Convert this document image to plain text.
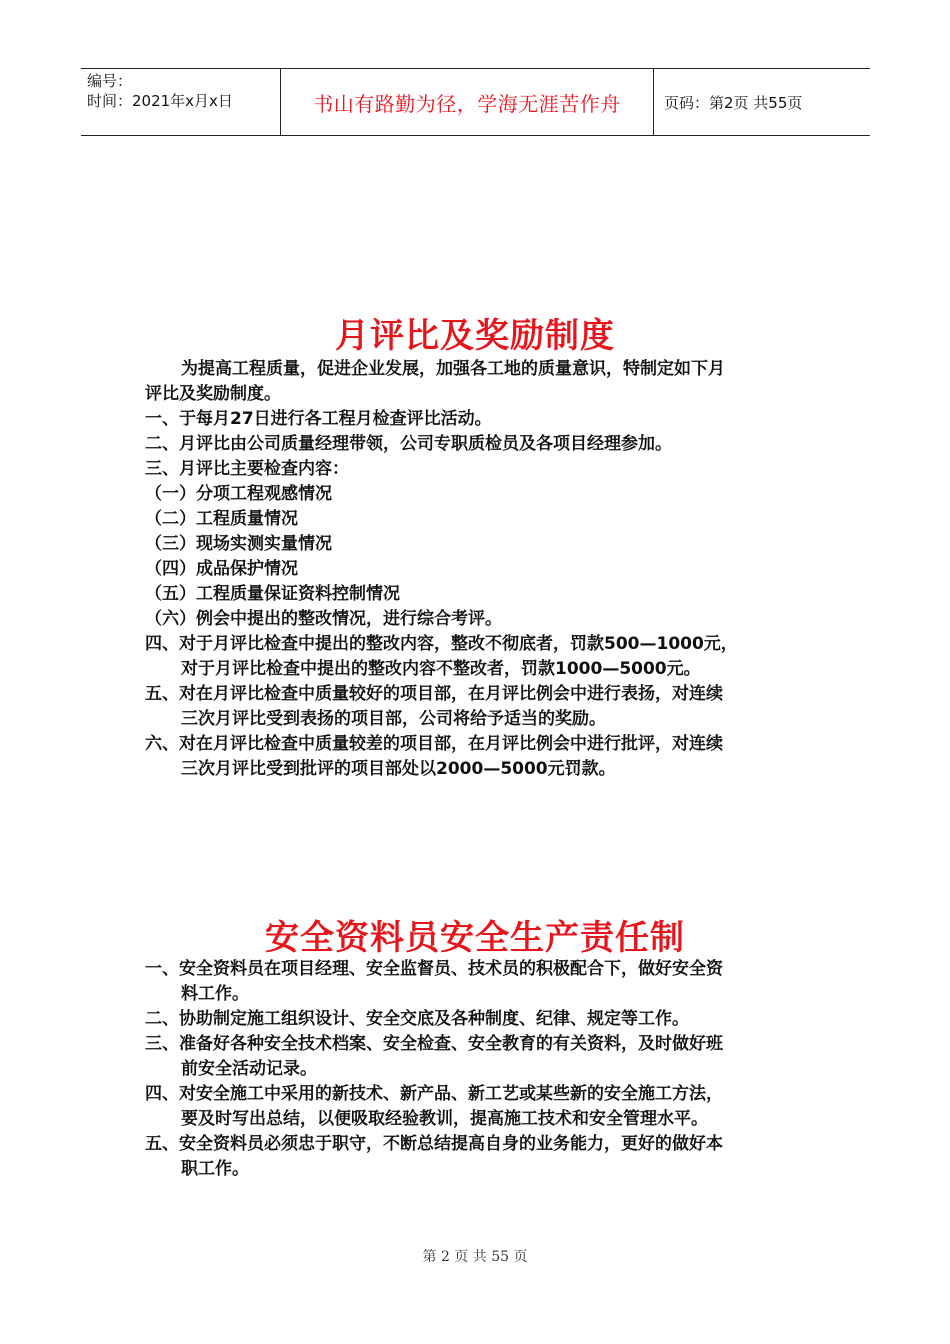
编号：
时间：2021年x月x日	书山有路勤为径，学海无涯苦作舟	页码：第2页 共55页
月评比及奖励制度
为提高工程质量，促进企业发展，加强各工地的质量意识，特制定如下月
评比及奖励制度。
一、于每月27日进行各工程月检查评比活动。
二、月评比由公司质量经理带领，公司专职质检员及各项目经理参加。
三、月评比主要检查内容：
（一）分项工程观感情况
（二）工程质量情况
（三）现场实测实量情况
（四）成品保护情况
（五）工程质量保证资料控制情况
（六）例会中提出的整改情况，进行综合考评。
四、对于月评比检查中提出的整改内容，整改不彻底者，罚款500—1000元，
对于月评比检查中提出的整改内容不整改者，罚款1000—5000元。
五、对在月评比检查中质量较好的项目部，在月评比例会中进行表扬，对连续
三次月评比受到表扬的项目部，公司将给予适当的奖励。
六、对在月评比检查中质量较差的项目部，在月评比例会中进行批评，对连续
三次月评比受到批评的项目部处以2000—5000元罚款。
安全资料员安全生产责任制
一、安全资料员在项目经理、安全监督员、技术员的积极配合下，做好安全资
料工作。
二、协助制定施工组织设计、安全交底及各种制度、纪律、规定等工作。
三、准备好各种安全技术档案、安全检查、安全教育的有关资料，及时做好班
前安全活动记录。
四、对安全施工中采用的新技术、新产品、新工艺或某些新的安全施工方法，
要及时写出总结，以便吸取经验教训，提高施工技术和安全管理水平。
五、安全资料员必须忠于职守，不断总结提高自身的业务能力，更好的做好本
职工作。
第 2 页 共 55 页
